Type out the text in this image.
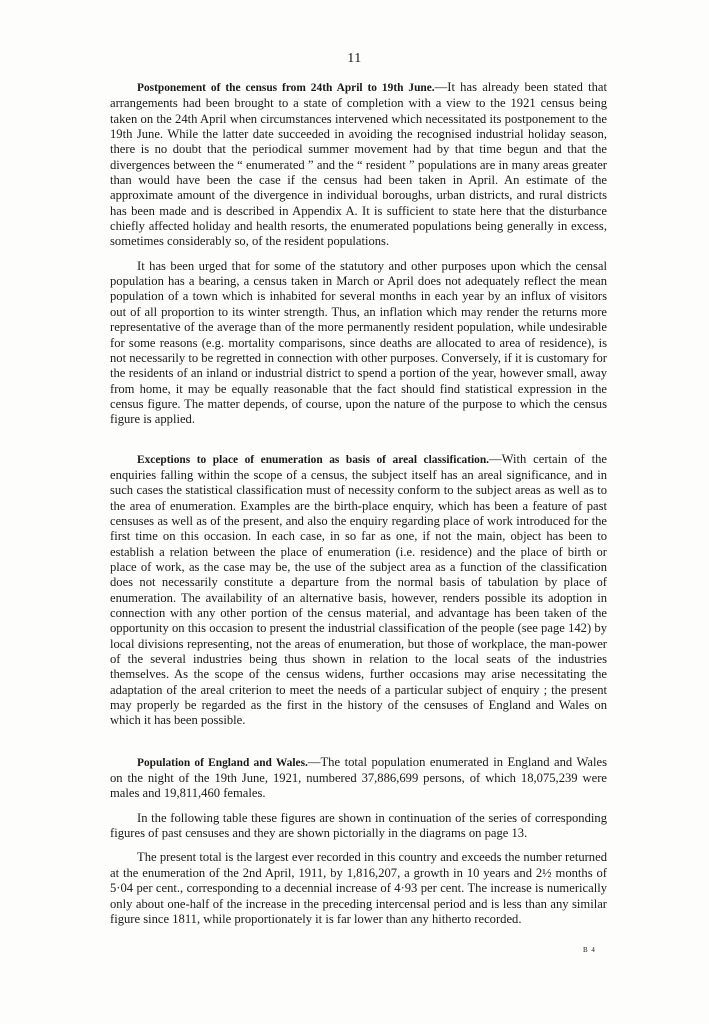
11

Postponement of the census from 24th April to 19th June.—It has already been stated that arrangements had been brought to a state of completion with a view to the 1921 census being taken on the 24th April when circumstances intervened which necessitated its postponement to the 19th June. While the latter date succeeded in avoiding the recognised industrial holiday season, there is no doubt that the periodical summer movement had by that time begun and that the divergences between the “ enumerated ” and the “ resident ” populations are in many areas greater than would have been the case if the census had been taken in April. An estimate of the approximate amount of the divergence in individual boroughs, urban districts, and rural districts has been made and is described in Appendix A. It is sufficient to state here that the disturbance chiefly affected holiday and health resorts, the enumerated populations being generally in excess, sometimes considerably so, of the resident populations.

It has been urged that for some of the statutory and other purposes upon which the censal population has a bearing, a census taken in March or April does not adequately reflect the mean population of a town which is inhabited for several months in each year by an influx of visitors out of all proportion to its winter strength. Thus, an inflation which may render the returns more representative of the average than of the more permanently resident population, while undesirable for some reasons (e.g. mortality comparisons, since deaths are allocated to area of residence), is not necessarily to be regretted in connection with other purposes. Conversely, if it is customary for the residents of an inland or industrial district to spend a portion of the year, however small, away from home, it may be equally reasonable that the fact should find statistical expression in the census figure. The matter depends, of course, upon the nature of the purpose to which the census figure is applied.

Exceptions to place of enumeration as basis of areal classification.—With certain of the enquiries falling within the scope of a census, the subject itself has an areal significance, and in such cases the statistical classification must of necessity conform to the subject areas as well as to the area of enumeration. Examples are the birth-place enquiry, which has been a feature of past censuses as well as of the present, and also the enquiry regarding place of work introduced for the first time on this occasion. In each case, in so far as one, if not the main, object has been to establish a relation between the place of enumeration (i.e. residence) and the place of birth or place of work, as the case may be, the use of the subject area as a function of the classification does not necessarily constitute a departure from the normal basis of tabulation by place of enumeration. The availability of an alternative basis, however, renders possible its adoption in connection with any other portion of the census material, and advantage has been taken of the opportunity on this occasion to present the industrial classification of the people (see page 142) by local divisions representing, not the areas of enumeration, but those of workplace, the man-power of the several industries being thus shown in relation to the local seats of the industries themselves. As the scope of the census widens, further occasions may arise necessitating the adaptation of the areal criterion to meet the needs of a particular subject of enquiry ; the present may properly be regarded as the first in the history of the censuses of England and Wales on which it has been possible.

Population of England and Wales.—The total population enumerated in England and Wales on the night of the 19th June, 1921, numbered 37,886,699 persons, of which 18,075,239 were males and 19,811,460 females.

In the following table these figures are shown in continuation of the series of corresponding figures of past censuses and they are shown pictorially in the diagrams on page 13.

The present total is the largest ever recorded in this country and exceeds the number returned at the enumeration of the 2nd April, 1911, by 1,816,207, a growth in 10 years and 2½ months of 5·04 per cent., corresponding to a decennial increase of 4·93 per cent. The increase is numerically only about one-half of the increase in the preceding intercensal period and is less than any similar figure since 1811, while proportionately it is far lower than any hitherto recorded.

B 4
